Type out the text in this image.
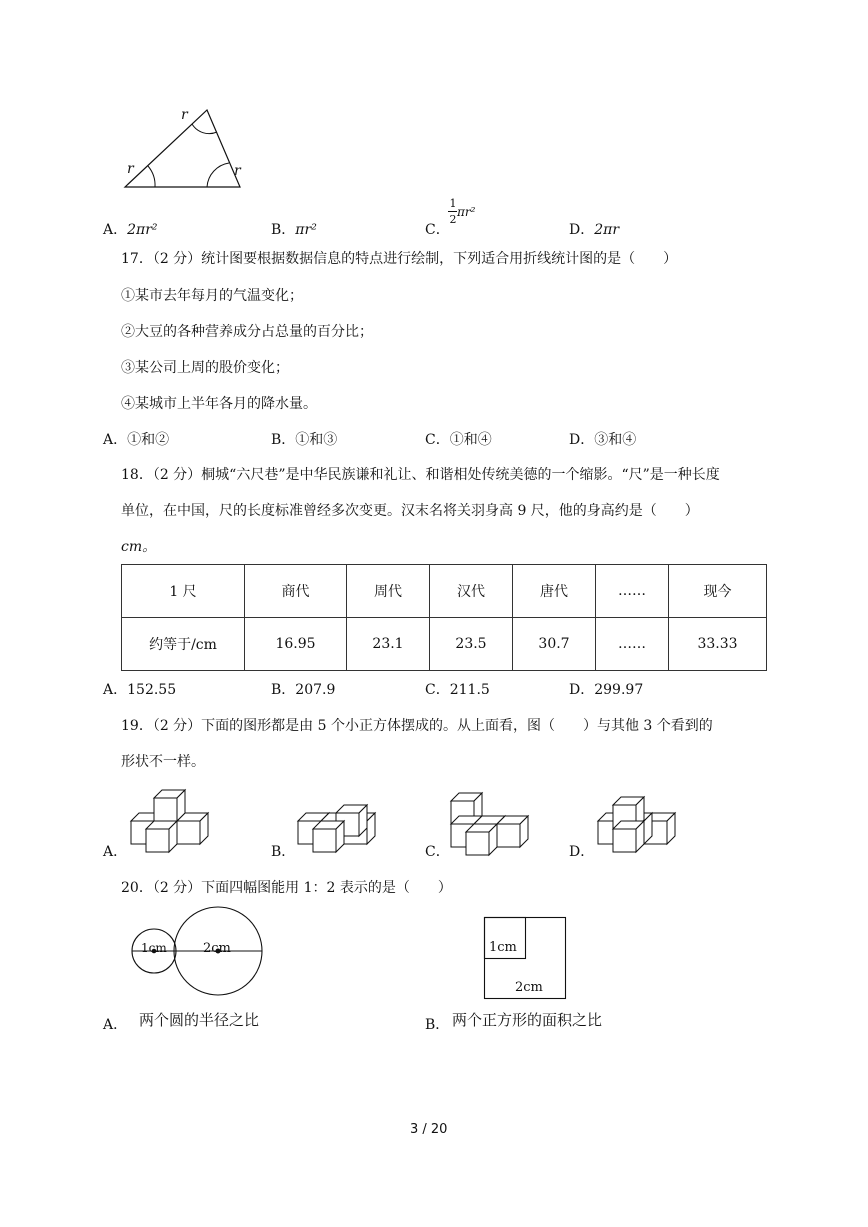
r
r	r
A．2πr²	B．πr²	C．
1
2
πr²
D．2πr
17．（2 分）统计图要根据数据信息的特点进行绘制，下列适合用折线统计图的是（　　）
①某市去年每月的气温变化；
②大豆的各种营养成分占总量的百分比；
③某公司上周的股价变化；
④某城市上半年各月的降水量。
A．①和②	B．①和③	C．①和④	D．③和④
18．（2 分）桐城“六尺巷”是中华民族谦和礼让、和谐相处传统美德的一个缩影。“尺”是一种长度
单位，在中国，尺的长度标准曾经多次变更。汉末名将关羽身高 9 尺，他的身高约是（　　）
cm。
1 尺	商代	周代	汉代	唐代	……	现今
约等于/cm	16.95	23.1	23.5	30.7	……	33.33
A．152.55	B．207.9	C．211.5	D．299.97
19．（2 分）下面的图形都是由 5 个小正方体摆成的。从上面看，图（　　）与其他 3 个看到的
形状不一样。
A．	B．	C．	D．
20．（2 分）下面四幅图能用 1：2 表示的是（　　）
1cm	2cm
A． 两个圆的半径之比
1cm
2cm
B． 两个正方形的面积之比
3 / 20
